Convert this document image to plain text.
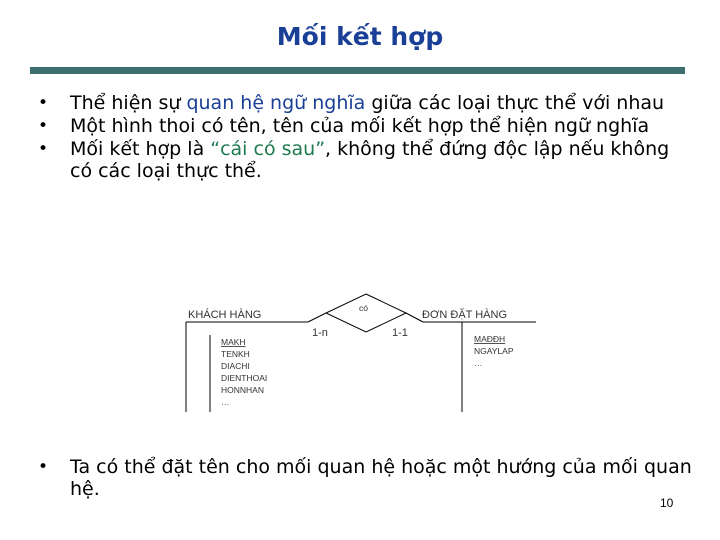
Mối kết hợp
•	Thể hiện sự quan hệ ngữ nghĩa giữa các loại thực thể với nhau
•	Một hình thoi có tên, tên của mối kết hợp thể hiện ngữ nghĩa
•	Mối kết hợp là “cái có sau”, không thể đứng độc lập nếu không có các loại thực thể.
KHÁCH HÀNG
MAKH
TENKH
DIACHI
DIENTHOAI
HONNHAN
…
có
1-n	1-1
ĐƠN ĐẶT HÀNG
MAĐĐH
NGAYLAP
…
•	Ta có thể đặt tên cho mối quan hệ hoặc một hướng của mối quan hệ.
10
